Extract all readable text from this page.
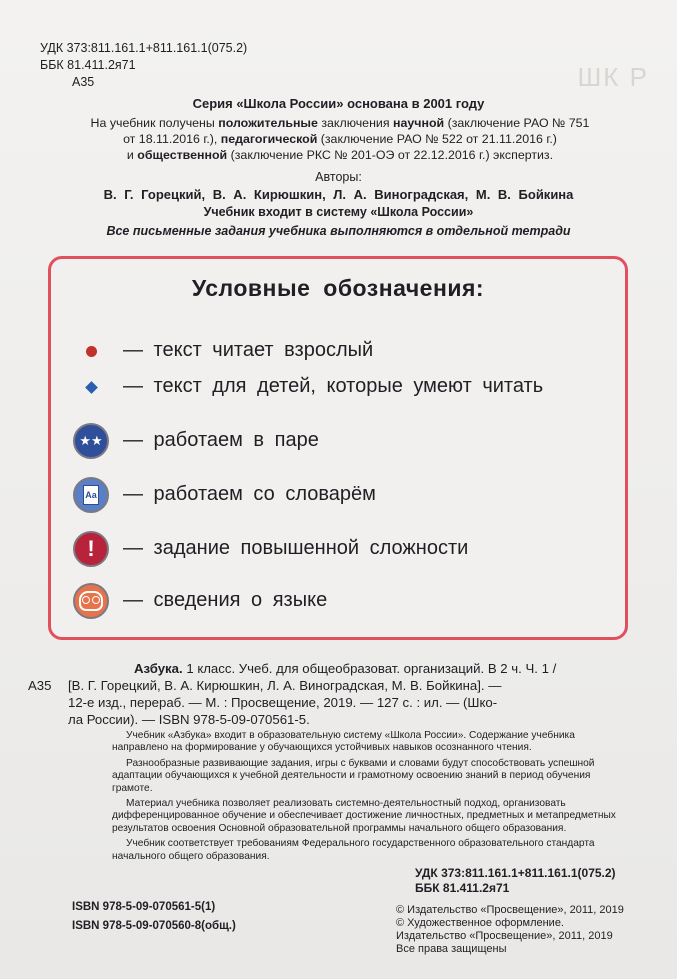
ШК Р
УДК 373:811.161.1+811.161.1(075.2)
ББК 81.411.2я71
А35
Серия «Школа России» основана в 2001 году
На учебник получены положительные заключения научной (заключение РАО № 751
от 18.11.2016 г.), педагогической (заключение РАО № 522 от 21.11.2016 г.)
и общественной (заключение РКС № 201-ОЭ от 22.12.2016 г.) экспертиз.
Авторы:
В. Г. Горецкий, В. А. Кирюшкин, Л. А. Виноградская, М. В. Бойкина
Учебник входит в систему «Школа России»
Все письменные задания учебника выполняются в отдельной тетради
Условные обозначения:
— текст читает взрослый
— текст для детей, которые умеют читать
★★	— работаем в паре
Аа — работаем со словарём
!	— задание повышенной сложности
— сведения о языке
А35
Азбука. 1 класс. Учеб. для общеобразоват. организаций. В 2 ч. Ч. 1 /
[В. Г. Горецкий, В. А. Кирюшкин, Л. А. Виноградская, М. В. Бойкина]. —
12-е изд., перераб. — М. : Просвещение, 2019. — 127 с. : ил. — (Шко-
ла России). — ISBN 978-5-09-070561-5.

Учебник «Азбука» входит в образовательную систему «Школа России». Содержание учебника направлено на формирование у обучающихся устойчивых навыков осознанного чтения.

Разнообразные развивающие задания, игры с буквами и словами будут способствовать успешной адаптации обучающихся к учебной деятельности и грамотному освоению знаний в период обучения грамоте.

Материал учебника позволяет реализовать системно-деятельностный подход, организовать дифференцированное обучение и обеспечивает достижение личностных, предметных и метапредметных результатов освоения Основной образовательной программы начального общего образования.

Учебник соответствует требованиям Федерального государственного образовательного стандарта начального общего образования.

УДК 373:811.161.1+811.161.1(075.2)
ББК 81.411.2я71
ISBN 978-5-09-070561-5(1)
ISBN 978-5-09-070560-8(общ.)
© Издательство «Просвещение», 2011, 2019
© Художественное оформление.
Издательство «Просвещение», 2011, 2019
Все права защищены
